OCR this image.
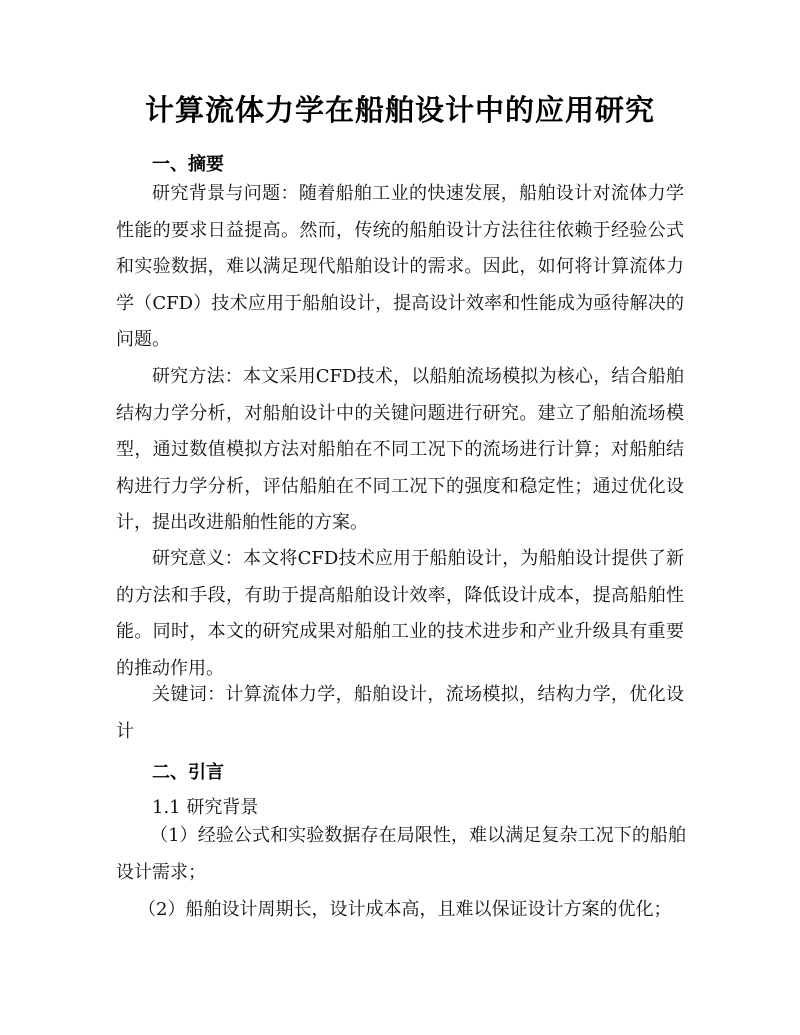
计算流体力学在船舶设计中的应用研究
一、摘要
研究背景与问题：随着船舶工业的快速发展，船舶设计对流体力学性能的要求日益提高。然而，传统的船舶设计方法往往依赖于经验公式和实验数据，难以满足现代船舶设计的需求。因此，如何将计算流体力学（CFD）技术应用于船舶设计，提高设计效率和性能成为亟待解决的问题。
研究方法：本文采用CFD技术，以船舶流场模拟为核心，结合船舶结构力学分析，对船舶设计中的关键问题进行研究。建立了船舶流场模型，通过数值模拟方法对船舶在不同工况下的流场进行计算；对船舶结构进行力学分析，评估船舶在不同工况下的强度和稳定性；通过优化设计，提出改进船舶性能的方案。
研究意义：本文将CFD技术应用于船舶设计，为船舶设计提供了新的方法和手段，有助于提高船舶设计效率，降低设计成本，提高船舶性能。同时，本文的研究成果对船舶工业的技术进步和产业升级具有重要的推动作用。
关键词：计算流体力学，船舶设计，流场模拟，结构力学，优化设计
二、引言
1.1 研究背景
（1）经验公式和实验数据存在局限性，难以满足复杂工况下的船舶设计需求；
（2）船舶设计周期长，设计成本高，且难以保证设计方案的优化；
